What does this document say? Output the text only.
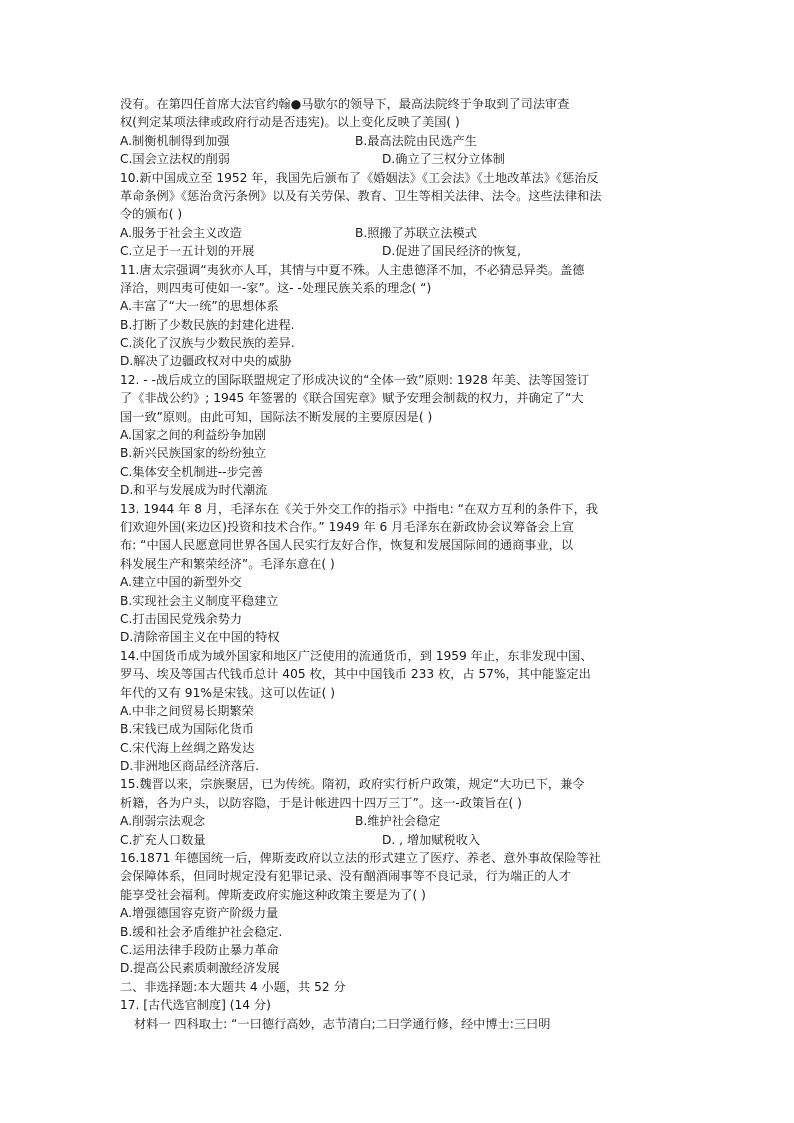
没有。在第四任首席大法官约翰●马歇尔的领导下，最高法院终于争取到了司法审查
权(判定某项法律或政府行动是否违宪)。以上变化反映了美国( )
A.制衡机制得到加强	B.最高法院由民选产生
C.国会立法权的削弱	D.确立了三权分立体制
10.新中国成立至 1952 年，我国先后颁布了《婚姻法》《工会法》《土地改革法》《惩治反
革命条例》《惩治贪污条例》以及有关劳保、教育、卫生等相关法律、法令。这些法律和法
令的颁布( )
A.服务于社会主义改造	B.照搬了苏联立法模式
C.立足于一五计划的开展	D.促进了国民经济的恢复,
11.唐太宗强调“夷狄亦人耳，其情与中夏不殊。人主患德泽不加，不必猜忌异类。盖德
泽洽，则四夷可使如一-家”。这- -处理民族关系的理念( “)
A.丰富了“大一统”的思想体系
B.打断了少数民族的封建化进程.
C.淡化了汉族与少数民族的差异.
D.解决了边疆政权对中央的威胁
12. - -战后成立的国际联盟规定了形成决议的“全体一致”原则: 1928 年美、法等国签订
了《非战公约》; 1945 年签署的《联合国宪章》赋予安理会制裁的权力，并确定了“大
国一致”原则。由此可知，国际法不断发展的主要原因是( )
A.国家之间的利益纷争加剧
B.新兴民族国家的纷纷独立
C.集体安全机制进--步完善
D.和平与发展成为时代潮流
13. 1944 年 8 月，毛泽东在《关于外交工作的指示》中指电: “在双方互利的条件下，我
们欢迎外国(来边区)投资和技术合作。” 1949 年 6 月毛泽东在新政协会议筹备会上宣
布: “中国人民愿意同世界各国人民实行友好合作，恢复和发展国际间的通商事业，以
科发展生产和繁荣经济”。毛泽东意在( )
A.建立中国的新型外交
B.实现社会主义制度平稳建立
C.打击国民党残余势力
D.清除帝国主义在中国的特权
14.中国货币成为域外国家和地区广泛使用的流通货币，到 1959 年止，东非发现中国、
罗马、埃及等国古代钱币总计 405 枚，其中中国钱币 233 枚，占 57%，其中能鉴定出
年代的又有 91%是宋钱。这可以佐证( )
A.中非之间贸易长期繁荣
B.宋钱已成为国际化货币
C.宋代海上丝绸之路发达
D.非洲地区商品经济落后.
15.魏晋以来，宗族聚居，已为传统。隋初，政府实行析户政策，规定“大功已下，兼令
析籍，各为户头，以防容隐，于是计帐进四十四万三丁”。这一-政策旨在( )
A.削弱宗法观念	B.维护社会稳定
C.扩充人口数量	D. , 增加赋税收入
16.1871 年德国统一后，俾斯麦政府以立法的形式建立了医疗、养老、意外事故保险等社
会保障体系，但同时规定没有犯罪记录、没有酗酒闹事等不良记录，行为端正的人才
能享受社会福利。俾斯麦政府实施这种政策主要是为了( )
A.增强德国容克资产阶级力量
B.缓和社会矛盾维护社会稳定.
C.运用法律手段防止暴力革命
D.提高公民素质刺激经济发展
二、非选择题:本大题共 4 小题，共 52 分
17. [古代选官制度] (14 分)
材料一 四科取士: “一曰德行高妙，志节清白;二曰学通行修，经中博士:三曰明
